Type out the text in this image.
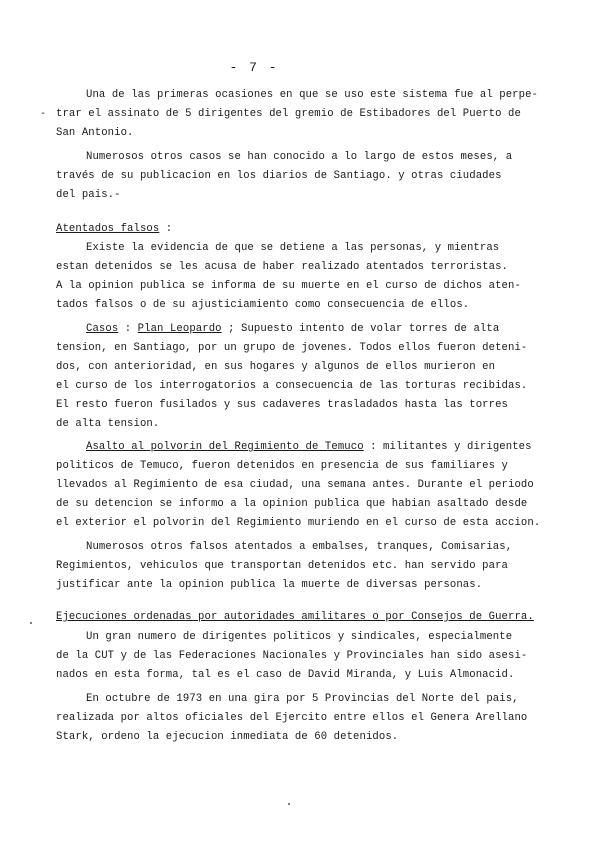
- 7 -
-
Una de las primeras ocasiones en que se uso este sistema fue al perpe-
trar el assinato de 5 dirigentes del gremio de Estibadores del Puerto de
San Antonio.
Numerosos otros casos se han conocido a lo largo de estos meses, a
través de su publicacion en los diarios de Santiago. y otras ciudades
del pais.-
Atentados falsos :
Existe la evidencia de que se detiene a las personas, y mientras
estan detenidos se les acusa de haber realizado atentados terroristas.
A la opinion publica se informa de su muerte en el curso de dichos aten-
tados falsos o de su ajusticiamiento como consecuencia de ellos.
Casos : Plan Leopardo ; Supuesto intento de volar torres de alta
tension, en Santiago, por un grupo de jovenes. Todos ellos fueron deteni-
dos, con anterioridad, en sus hogares y algunos de ellos murieron en
el curso de los interrogatorios a consecuencia de las torturas recibidas.
El resto fueron fusilados y sus cadaveres trasladados hasta las torres
de alta tension.
Asalto al polvorin del Regimiento de Temuco : militantes y dirigentes
politicos de Temuco, fueron detenidos en presencia de sus familiares y
llevados al Regimiento de esa ciudad, una semana antes. Durante el periodo
de su detencion se informo a la opinion publica que habian asaltado desde
el exterior el polvorin del Regimiento muriendo en el curso de esta accion.
Numerosos otros falsos atentados a embalses, tranques, Comisarias,
Regimientos, vehiculos que transportan detenidos etc. han servido para
justificar ante la opinion publica la muerte de diversas personas.
Ejecuciones ordenadas por autoridades amilitares o por Consejos de Guerra.
Un gran numero de dirigentes politicos y sindicales, especialmente
de la CUT y de las Federaciones Nacionales y Provinciales han sido asesi-
nados en esta forma, tal es el caso de David Miranda, y Luis Almonacid.
En octubre de 1973 en una gira por 5 Provincias del Norte del pais,
realizada por altos oficiales del Ejercito entre ellos el Genera Arellano
Stark, ordeno la ejecucion inmediata de 60 detenidos.
